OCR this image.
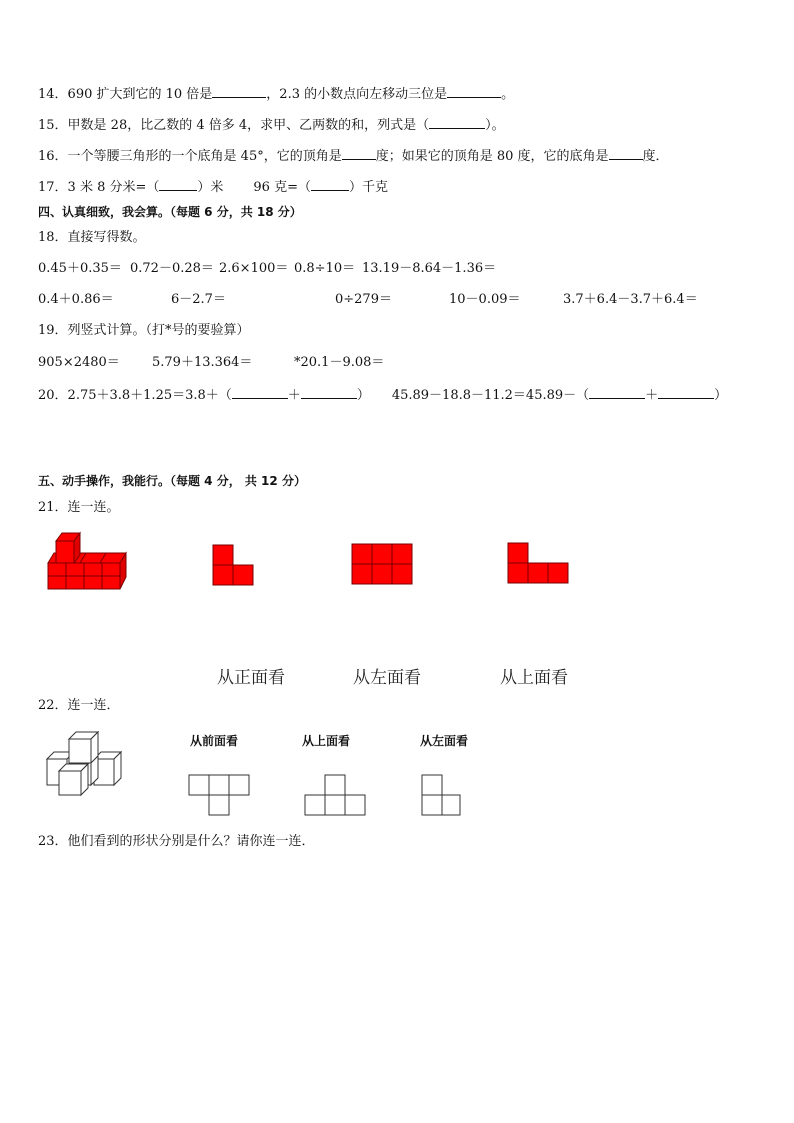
14．690 扩大到它的 10 倍是	，2.3 的小数点向左移动三位是	。
15．甲数是 28，比乙数的 4 倍多 4，求甲、乙两数的和，列式是（	）。
16．一个等腰三角形的一个底角是 45°，它的顶角是	度；如果它的顶角是 80 度，它的底角是	度．
17．3 米 8 分米=（	）米 96 克=（	）千克
四、认真细致，我会算。（每题 6 分，共 18 分）
18．直接写得数。
0.45＋0.35＝ 0.72－0.28＝ 2.6×100＝ 0.8÷10＝ 13.19－8.64－1.36＝
0.4＋0.86＝	6－2.7＝	0÷279＝	10－0.09＝	3.7＋6.4－3.7＋6.4＝
19．列竖式计算。（打*号的要验算）
905×2480＝ 5.79＋13.364＝	*20.1－9.08＝
20．2.75＋3.8＋1.25＝3.8＋（	＋	） 45.89－18.8－11.2＝45.89－（	＋	）
五、动手操作，我能行。（每题 4 分， 共 12 分）
21．连一连。
从正面看	从左面看	从上面看
22．连一连．
从前面看	从上面看	从左面看
23．他们看到的形状分别是什么？请你连一连．
